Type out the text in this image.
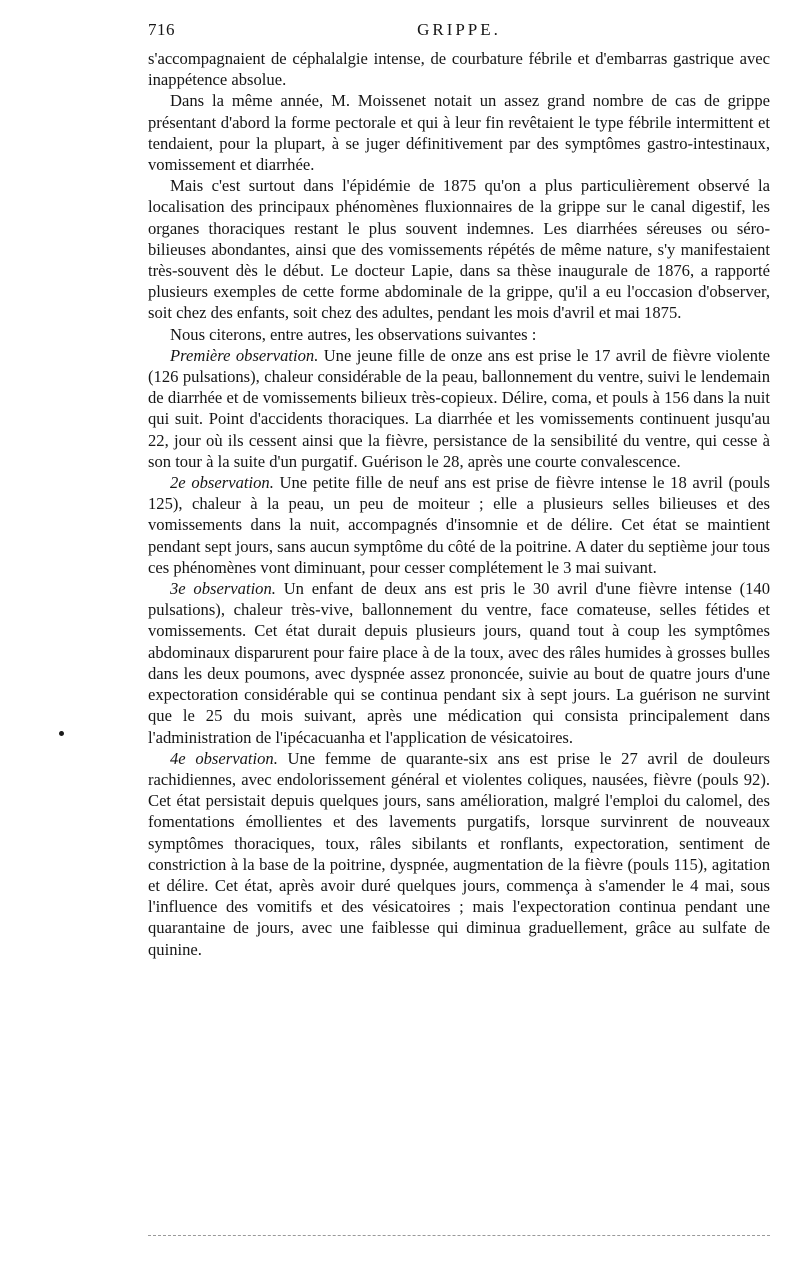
716	GRIPPE.

s'accompagnaient de céphalalgie intense, de courbature fébrile et d'embarras gastrique avec inappétence absolue.

Dans la même année, M. Moissenet notait un assez grand nombre de cas de grippe présentant d'abord la forme pectorale et qui à leur fin revêtaient le type fébrile intermittent et tendaient, pour la plupart, à se juger définitivement par des symptômes gastro-intestinaux, vomissement et diarrhée.

Mais c'est surtout dans l'épidémie de 1875 qu'on a plus particulièrement observé la localisation des principaux phénomènes fluxionnaires de la grippe sur le canal digestif, les organes thoraciques restant le plus souvent indemnes. Les diarrhées séreuses ou séro-bilieuses abondantes, ainsi que des vomissements répétés de même nature, s'y manifestaient très-souvent dès le début. Le docteur Lapie, dans sa thèse inaugurale de 1876, a rapporté plusieurs exemples de cette forme abdominale de la grippe, qu'il a eu l'occasion d'observer, soit chez des enfants, soit chez des adultes, pendant les mois d'avril et mai 1875.

Nous citerons, entre autres, les observations suivantes :

Première observation. Une jeune fille de onze ans est prise le 17 avril de fièvre violente (126 pulsations), chaleur considérable de la peau, ballonnement du ventre, suivi le lendemain de diarrhée et de vomissements bilieux très-copieux. Délire, coma, et pouls à 156 dans la nuit qui suit. Point d'accidents thoraciques. La diarrhée et les vomissements continuent jusqu'au 22, jour où ils cessent ainsi que la fièvre, persistance de la sensibilité du ventre, qui cesse à son tour à la suite d'un purgatif. Guérison le 28, après une courte convalescence.

2e observation. Une petite fille de neuf ans est prise de fièvre intense le 18 avril (pouls 125), chaleur à la peau, un peu de moiteur ; elle a plusieurs selles bilieuses et des vomissements dans la nuit, accompagnés d'insomnie et de délire. Cet état se maintient pendant sept jours, sans aucun symptôme du côté de la poitrine. A dater du septième jour tous ces phénomènes vont diminuant, pour cesser complétement le 3 mai suivant.

3e observation. Un enfant de deux ans est pris le 30 avril d'une fièvre intense (140 pulsations), chaleur très-vive, ballonnement du ventre, face comateuse, selles fétides et vomissements. Cet état durait depuis plusieurs jours, quand tout à coup les symptômes abdominaux disparurent pour faire place à de la toux, avec des râles humides à grosses bulles dans les deux poumons, avec dyspnée assez prononcée, suivie au bout de quatre jours d'une expectoration considérable qui se continua pendant six à sept jours. La guérison ne survint que le 25 du mois suivant, après une médication qui consista principalement dans l'administration de l'ipécacuanha et l'application de vésicatoires.

4e observation. Une femme de quarante-six ans est prise le 27 avril de douleurs rachidiennes, avec endolorissement général et violentes coliques, nausées, fièvre (pouls 92). Cet état persistait depuis quelques jours, sans amélioration, malgré l'emploi du calomel, des fomentations émollientes et des lavements purgatifs, lorsque survinrent de nouveaux symptômes thoraciques, toux, râles sibilants et ronflants, expectoration, sentiment de constriction à la base de la poitrine, dyspnée, augmentation de la fièvre (pouls 115), agitation et délire. Cet état, après avoir duré quelques jours, commença à s'amender le 4 mai, sous l'influence des vomitifs et des vésicatoires ; mais l'expectoration continua pendant une quarantaine de jours, avec une faiblesse qui diminua graduellement, grâce au sulfate de quinine.
